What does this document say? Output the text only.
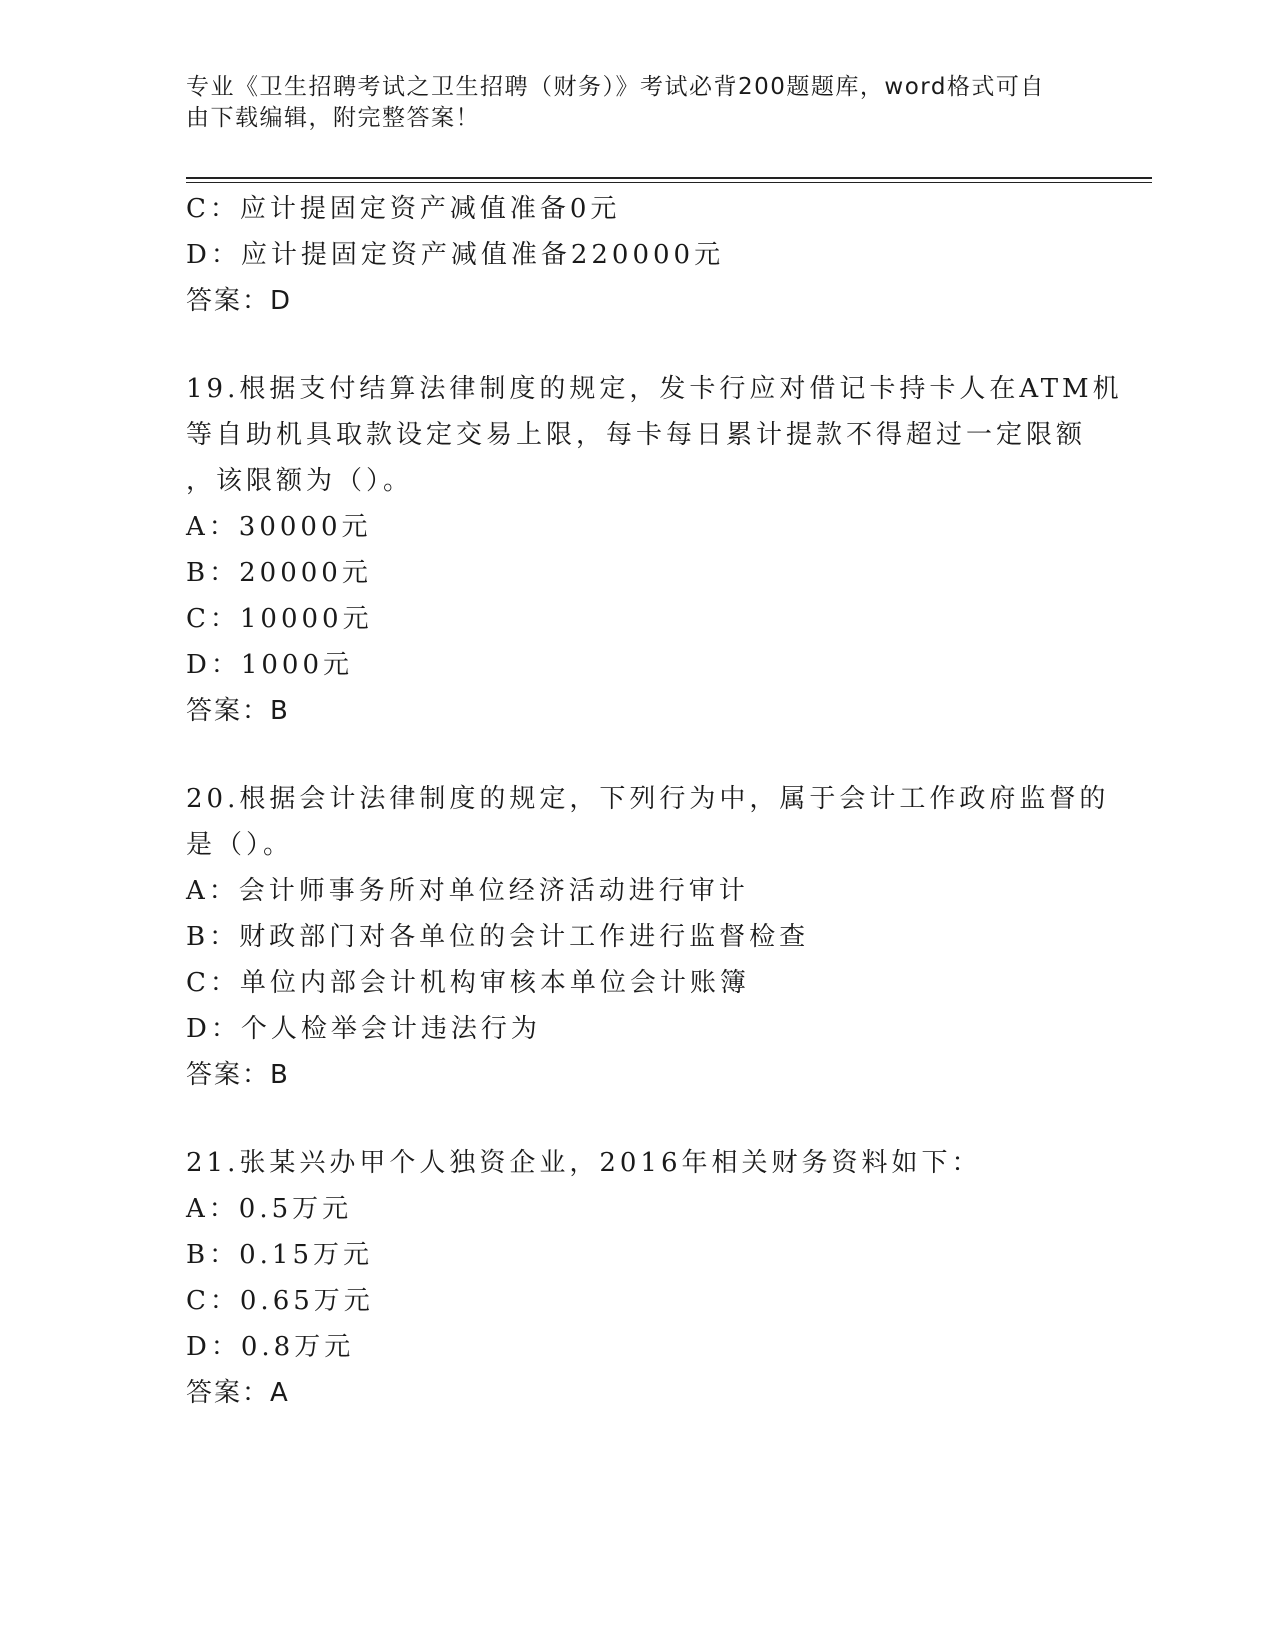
专业《卫生招聘考试之卫生招聘（财务）》考试必背200题题库，word格式可自
由下载编辑，附完整答案！
C：应计提固定资产减值准备0元
D：应计提固定资产减值准备220000元
答案：D
19.根据支付结算法律制度的规定，发卡行应对借记卡持卡人在ATM机
等自助机具取款设定交易上限，每卡每日累计提款不得超过一定限额
，该限额为（）。
A：30000元
B：20000元
C：10000元
D：1000元
答案：B
20.根据会计法律制度的规定，下列行为中，属于会计工作政府监督的
是（）。
A：会计师事务所对单位经济活动进行审计
B：财政部门对各单位的会计工作进行监督检查
C：单位内部会计机构审核本单位会计账簿
D：个人检举会计违法行为
答案：B
21.张某兴办甲个人独资企业，2016年相关财务资料如下：
A：0.5万元
B：0.15万元
C：0.65万元
D：0.8万元
答案：A
